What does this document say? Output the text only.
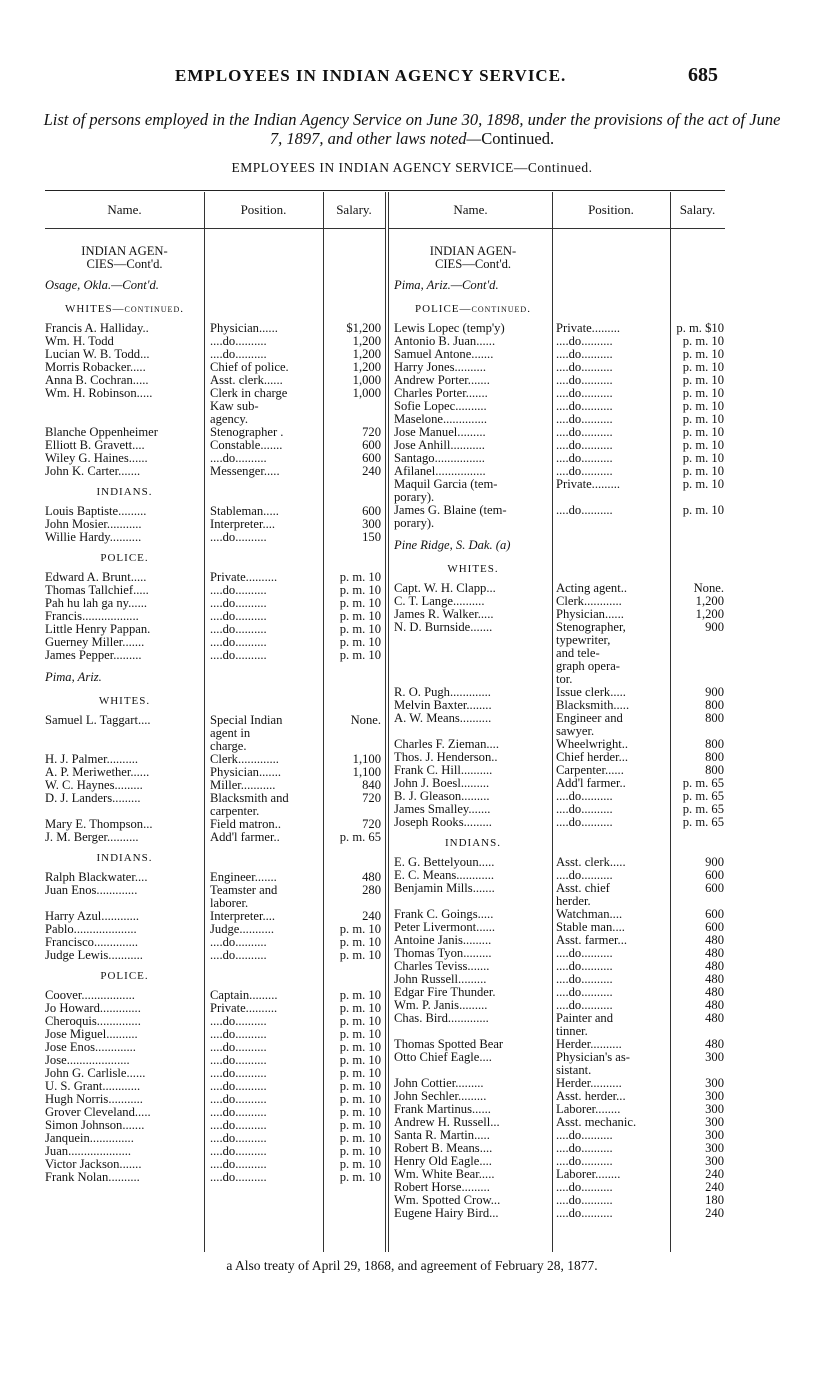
EMPLOYEES IN INDIAN AGENCY SERVICE.	685
List of persons employed in the Indian Agency Service on June 30, 1898, under the provisions of the act of June 7, 1897, and other laws noted—Continued.
EMPLOYEES IN INDIAN AGENCY SERVICE—Continued.
Name.	Position.	Salary.	Name.	Position.	Salary.
INDIAN AGEN-
CIES—Cont'd.
Osage, Okla.—Cont'd.
WHITES—continued.
Francis A. Halliday..	Physician......	$1,200
Wm. H. Todd	....do..........	1,200
Lucian W. B. Todd...	....do..........	1,200
Morris Robacker.....	Chief of police.	1,200
Anna B. Cochran.....	Asst. clerk......	1,000
Wm. H. Robinson.....	Clerk in charge	1,000
Kaw sub-
agency.
Blanche Oppenheimer	Stenographer .	720
Elliott B. Gravett....	Constable.......	600
Wiley G. Haines......	....do..........	600
John K. Carter.......	Messenger.....	240
INDIANS.
Louis Baptiste.........	Stableman.....	600
John Mosier...........	Interpreter....	300
Willie Hardy..........	....do..........	150
POLICE.
Edward A. Brunt.....	Private..........	p. m. 10
Thomas Tallchief.....	....do..........	p. m. 10
Pah hu lah ga ny......	....do..........	p. m. 10
Francis..................	....do..........	p. m. 10
Little Henry Pappan.	....do..........	p. m. 10
Guerney Miller.......	....do..........	p. m. 10
James Pepper.........	....do..........	p. m. 10
Pima, Ariz.
WHITES.
Samuel L. Taggart....	Special Indian	None.
agent in
charge.
H. J. Palmer..........	Clerk.............	1,100
A. P. Meriwether......	Physician.......	1,100
W. C. Haynes.........	Miller...........	840
D. J. Landers.........	Blacksmith and	720
carpenter.
Mary E. Thompson...	Field matron..	720
J. M. Berger..........	Add'l farmer..	p. m. 65
INDIANS.
Ralph Blackwater....	Engineer.......	480
Juan Enos.............	Teamster and	280
laborer.
Harry Azul............	Interpreter....	240
Pablo....................	Judge...........	p. m. 10
Francisco..............	....do..........	p. m. 10
Judge Lewis...........	....do..........	p. m. 10
POLICE.
Coover.................	Captain.........	p. m. 10
Jo Howard.............	Private..........	p. m. 10
Cheroquis..............	....do..........	p. m. 10
Jose Miguel..........	....do..........	p. m. 10
Jose Enos.............	....do..........	p. m. 10
Jose....................	....do..........	p. m. 10
John G. Carlisle......	....do..........	p. m. 10
U. S. Grant............	....do..........	p. m. 10
Hugh Norris...........	....do..........	p. m. 10
Grover Cleveland.....	....do..........	p. m. 10
Simon Johnson.......	....do..........	p. m. 10
Janquein..............	....do..........	p. m. 10
Juan....................	....do..........	p. m. 10
Victor Jackson.......	....do..........	p. m. 10
Frank Nolan..........	....do..........	p. m. 10
INDIAN AGEN-
CIES—Cont'd.
Pima, Ariz.—Cont'd.
POLICE—continued.
Lewis Lopec (temp'y)	Private.........	p. m. $10
Antonio B. Juan......	....do..........	p. m. 10
Samuel Antone.......	....do..........	p. m. 10
Harry Jones..........	....do..........	p. m. 10
Andrew Porter.......	....do..........	p. m. 10
Charles Porter.......	....do..........	p. m. 10
Sofie Lopec..........	....do..........	p. m. 10
Maselone..............	....do..........	p. m. 10
Jose Manuel.........	....do..........	p. m. 10
Jose Anhill...........	....do..........	p. m. 10
Santago................	....do..........	p. m. 10
Afilanel................	....do..........	p. m. 10
Maquil Garcia (tem-	Private.........	p. m. 10
porary).
James G. Blaine (tem-	....do..........	p. m. 10
porary).
Pine Ridge, S. Dak. (a)
WHITES.
Capt. W. H. Clapp...	Acting agent..	None.
C. T. Lange..........	Clerk............	1,200
James R. Walker.....	Physician......	1,200
N. D. Burnside.......	Stenographer,	900
typewriter,
and tele-
graph opera-
tor.
R. O. Pugh.............	Issue clerk.....	900
Melvin Baxter........	Blacksmith.....	800
A. W. Means..........	Engineer and	800
sawyer.
Charles F. Zieman....	Wheelwright..	800
Thos. J. Henderson..	Chief herder...	800
Frank C. Hill..........	Carpenter......	800
John J. Boesl.........	Add'l farmer..	p. m. 65
B. J. Gleason.........	....do..........	p. m. 65
James Smalley.......	....do..........	p. m. 65
Joseph Rooks.........	....do..........	p. m. 65
INDIANS.
E. G. Bettelyoun.....	Asst. clerk.....	900
E. C. Means............	....do..........	600
Benjamin Mills.......	Asst. chief	600
herder.
Frank C. Goings.....	Watchman....	600
Peter Livermont......	Stable man....	600
Antoine Janis.........	Asst. farmer...	480
Thomas Tyon.........	....do..........	480
Charles Teviss.......	....do..........	480
John Russell.........	....do..........	480
Edgar Fire Thunder.	....do..........	480
Wm. P. Janis.........	....do..........	480
Chas. Bird.............	Painter and	480
tinner.
Thomas Spotted Bear	Herder..........	480
Otto Chief Eagle....	Physician's as-	300
sistant.
John Cottier.........	Herder..........	300
John Sechler.........	Asst. herder...	300
Frank Martinus......	Laborer........	300
Andrew H. Russell...	Asst. mechanic.	300
Santa R. Martin.....	....do..........	300
Robert B. Means....	....do..........	300
Henry Old Eagle....	....do..........	300
Wm. White Bear.....	Laborer........	240
Robert Horse.........	....do..........	240
Wm. Spotted Crow...	....do..........	180
Eugene Hairy Bird...	....do..........	240
a Also treaty of April 29, 1868, and agreement of February 28, 1877.
